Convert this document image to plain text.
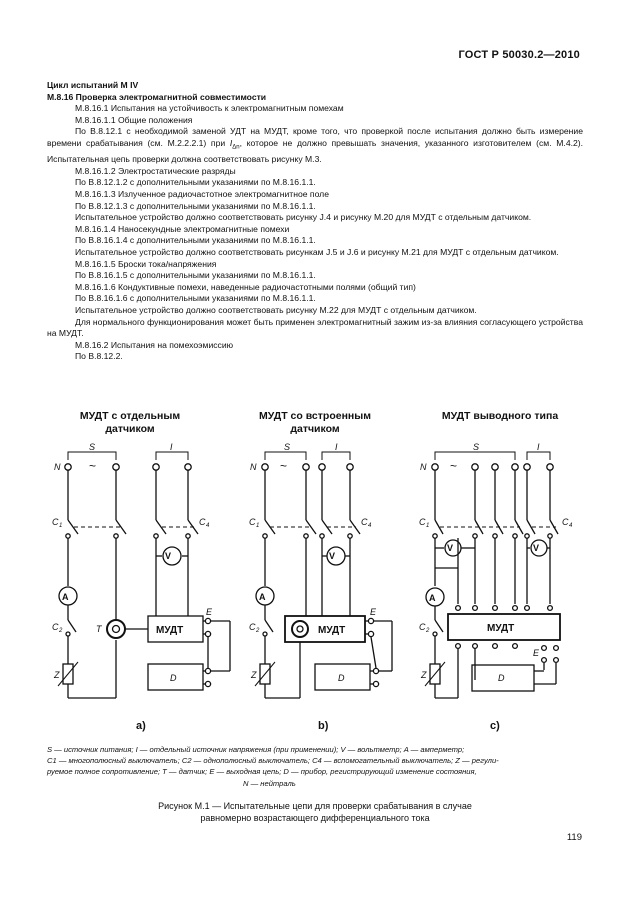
ГОСТ Р 50030.2—2010

Цикл испытаний M IV

M.8.16 Проверка электромагнитной совместимости

M.8.16.1 Испытания на устойчивость к электромагнитным помехам

M.8.16.1.1 Общие положения

По B.8.12.1 с необходимой заменой УДТ на МУДТ, кроме того, что проверкой после испытания должно быть измерение времени срабатывания (см. M.2.2.2.1) при $I_{\Delta n}$, которое не должно превышать значения, указанного изготовителем (см. M.4.2). Испытательная цепь проверки должна соответствовать рисунку M.3.

M.8.16.1.2 Электростатические разряды

По B.8.12.1.2 с дополнительными указаниями по M.8.16.1.1.

M.8.16.1.3 Излученное радиочастотное электромагнитное поле

По B.8.12.1.3 с дополнительными указаниями по M.8.16.1.1.

Испытательное устройство должно соответствовать рисунку J.4 и рисунку M.20 для МУДТ с отдельным датчиком.

M.8.16.1.4 Наносекундные электромагнитные помехи

По B.8.16.1.4 с дополнительными указаниями по M.8.16.1.1.

Испытательное устройство должно соответствовать рисункам J.5 и J.6 и рисунку M.21 для МУДТ с отдельным датчиком.

M.8.16.1.5 Броски тока/напряжения

По B.8.16.1.5 с дополнительными указаниями по M.8.16.1.1.

M.8.16.1.6 Кондуктивные помехи, наведенные радиочастотными полями (общий тип)

По B.8.16.1.6 с дополнительными указаниями по M.8.16.1.1.

Испытательное устройство должно соответствовать рисунку M.22 для МУДТ с отдельным датчиком.

Для нормального функционирования может быть применен электромагнитный зажим из-за влияния согласующего устройства на МУДТ.

M.8.16.2 Испытания на помехоэмиссию

По B.8.12.2.

МУДТ с отдельным
датчиком
МУДТ со встроенным
датчиком
МУДТ выводного типа
N
S
~
I
C 1	C 4
V
A
C 2	T	МУДТ
E
Z	D
N
S
~
I
C 1	C 4
V
A
C 2	МУДТ
E
Z	D
N
S
~
I
C 1	C 4
V	V
A
C 2	МУДТ
E
Z	D
a)	b)	c)

S — источник питания; I — отдельный источник напряжения (при применении); V — вольтметр; A — амперметр;

C1 — многополюсный выключатель; C2 — однополюсный выключатель; C4 — вспомогательный выключатель; Z — регули-

руемое полное сопротивление; T — датчик; E — выходная цепь; D — прибор, регистрирующий изменение состояния,

N — нейтраль

Рисунок M.1 — Испытательные цепи для проверки срабатывания в случае
равномерно возрастающего дифференциального тока
119
